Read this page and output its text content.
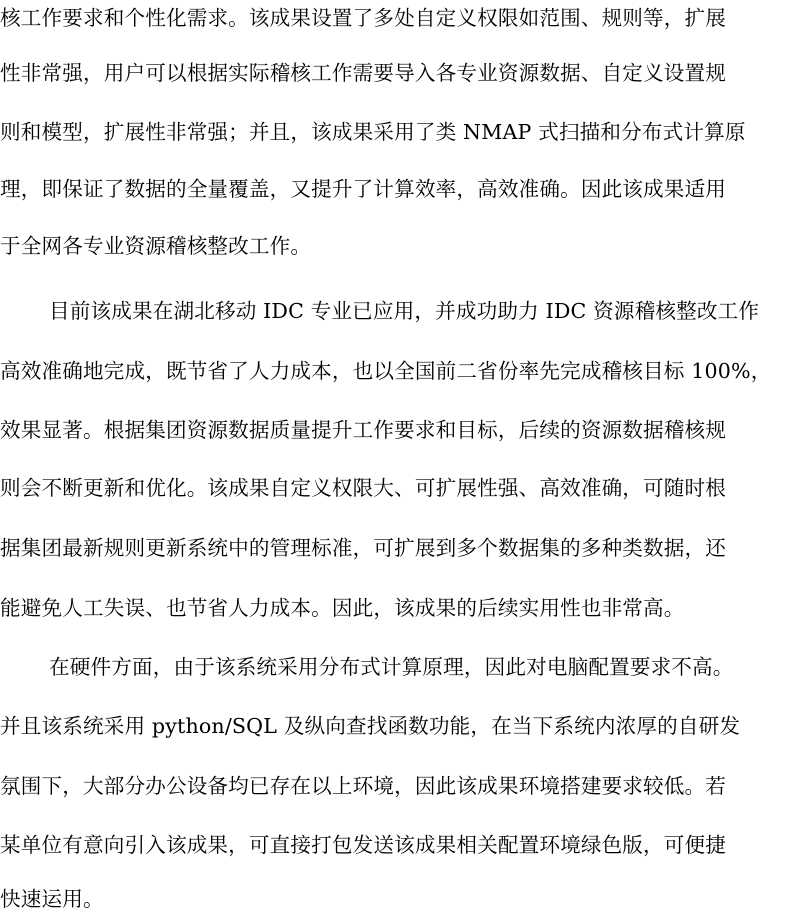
核工作要求和个性化需求。该成果设置了多处自定义权限如范围、规则等，扩展
性非常强，用户可以根据实际稽核工作需要导入各专业资源数据、自定义设置规
则和模型，扩展性非常强；并且，该成果采用了类 NMAP 式扫描和分布式计算原
理，即保证了数据的全量覆盖，又提升了计算效率，高效准确。因此该成果适用
于全网各专业资源稽核整改工作。
目前该成果在湖北移动 IDC 专业已应用，并成功助力 IDC 资源稽核整改工作
高效准确地完成，既节省了人力成本，也以全国前二省份率先完成稽核目标 100%，
效果显著。根据集团资源数据质量提升工作要求和目标，后续的资源数据稽核规
则会不断更新和优化。该成果自定义权限大、可扩展性强、高效准确，可随时根
据集团最新规则更新系统中的管理标准，可扩展到多个数据集的多种类数据，还
能避免人工失误、也节省人力成本。因此，该成果的后续实用性也非常高。
在硬件方面，由于该系统采用分布式计算原理，因此对电脑配置要求不高。
并且该系统采用 python/SQL 及纵向查找函数功能，在当下系统内浓厚的自研发
氛围下，大部分办公设备均已存在以上环境，因此该成果环境搭建要求较低。若
某单位有意向引入该成果，可直接打包发送该成果相关配置环境绿色版，可便捷
快速运用。
